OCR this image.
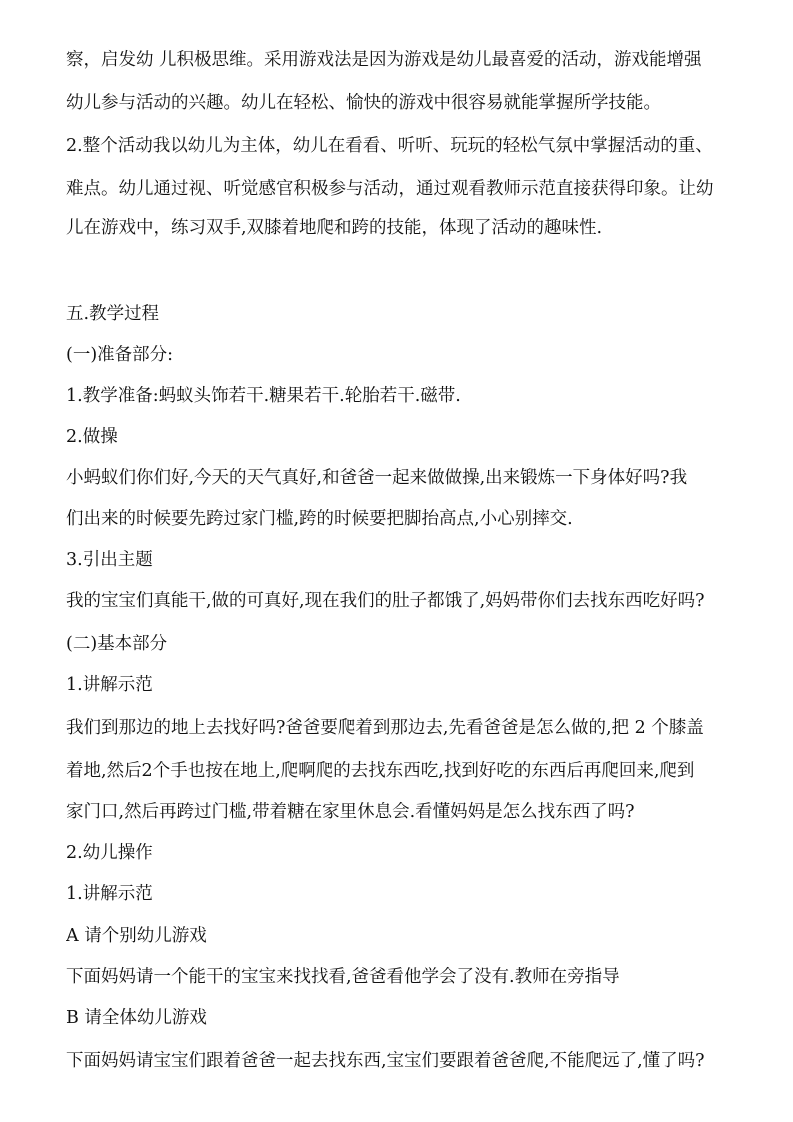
察，启发幼 儿积极思维。采用游戏法是因为游戏是幼儿最喜爱的活动，游戏能增强
幼儿参与活动的兴趣。幼儿在轻松、愉快的游戏中很容易就能掌握所学技能。
2.整个活动我以幼儿为主体，幼儿在看看、听听、玩玩的轻松气氛中掌握活动的重、
难点。幼儿通过视、听觉感官积极参与活动，通过观看教师示范直接获得印象。让幼
儿在游戏中，练习双手,双膝着地爬和跨的技能，体现了活动的趣味性.
五.教学过程
(一)准备部分:
1.教学准备:蚂蚁头饰若干.糖果若干.轮胎若干.磁带.
2.做操
小蚂蚁们你们好,今天的天气真好,和爸爸一起来做做操,出来锻炼一下身体好吗?我
们出来的时候要先跨过家门槛,跨的时候要把脚抬高点,小心别摔交.
3.引出主题
我的宝宝们真能干,做的可真好,现在我们的肚子都饿了,妈妈带你们去找东西吃好吗?
(二)基本部分
1.讲解示范
我们到那边的地上去找好吗?爸爸要爬着到那边去,先看爸爸是怎么做的,把 2 个膝盖
着地,然后2个手也按在地上,爬啊爬的去找东西吃,找到好吃的东西后再爬回来,爬到
家门口,然后再跨过门槛,带着糖在家里休息会.看懂妈妈是怎么找东西了吗?
2.幼儿操作
1.讲解示范
A 请个别幼儿游戏
下面妈妈请一个能干的宝宝来找找看,爸爸看他学会了没有.教师在旁指导
B 请全体幼儿游戏
下面妈妈请宝宝们跟着爸爸一起去找东西,宝宝们要跟着爸爸爬,不能爬远了,懂了吗?
